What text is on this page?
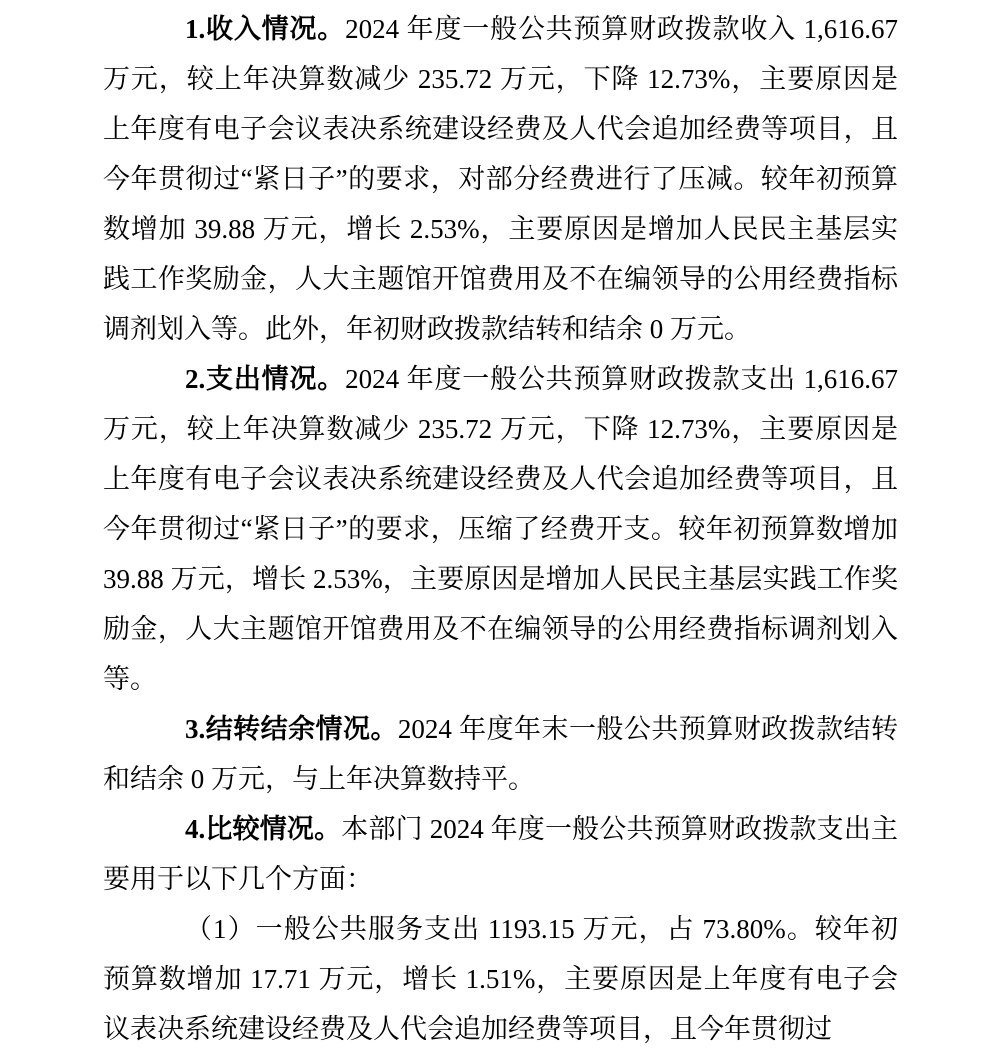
1.收入情况。2024 年度一般公共预算财政拨款收入 1,616.67 万元，较上年决算数减少 235.72 万元，下降 12.73%，主要原因是上年度有电子会议表决系统建设经费及人代会追加经费等项目，且今年贯彻过“紧日子”的要求，对部分经费进行了压减。较年初预算数增加 39.88 万元，增长 2.53%，主要原因是增加人民民主基层实践工作奖励金，人大主题馆开馆费用及不在编领导的公用经费指标调剂划入等。此外，年初财政拨款结转和结余 0 万元。

2.支出情况。2024 年度一般公共预算财政拨款支出 1,616.67 万元，较上年决算数减少 235.72 万元，下降 12.73%，主要原因是上年度有电子会议表决系统建设经费及人代会追加经费等项目，且今年贯彻过“紧日子”的要求，压缩了经费开支。较年初预算数增加 39.88 万元，增长 2.53%，主要原因是增加人民民主基层实践工作奖励金，人大主题馆开馆费用及不在编领导的公用经费指标调剂划入等。

3.结转结余情况。2024 年度年末一般公共预算财政拨款结转和结余 0 万元，与上年决算数持平。

4.比较情况。本部门 2024 年度一般公共预算财政拨款支出主要用于以下几个方面：

（1）一般公共服务支出 1193.15 万元，占 73.80%。较年初预算数增加 17.71 万元，增长 1.51%，主要原因是上年度有电子会议表决系统建设经费及人代会追加经费等项目，且今年贯彻过
